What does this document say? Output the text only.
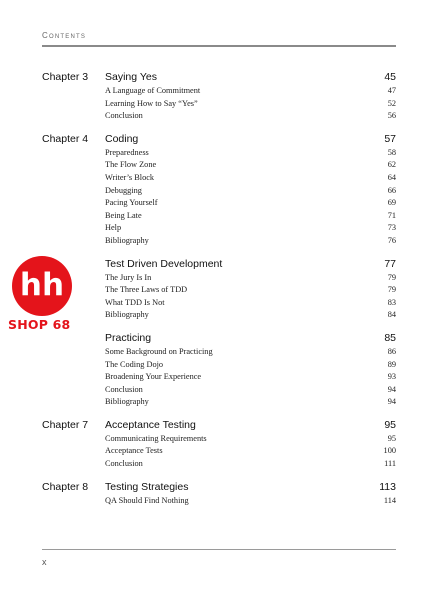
Contents
Chapter 3 Saying Yes	45
A Language of Commitment	47
Learning How to Say “Yes”	52
Conclusion	56
Chapter 4 Coding	57
Preparedness	58
The Flow Zone	62
Writer’s Block	64
Debugging	66
Pacing Yourself	69
Being Late	71
Help	73
Bibliography	76
Test Driven Development	77
The Jury Is In	79
The Three Laws of TDD	79
What TDD Is Not	83
Bibliography	84
Practicing	85
Some Background on Practicing	86
The Coding Dojo	89
Broadening Your Experience	93
Conclusion	94
Bibliography	94
Chapter 7 Acceptance Testing	95
Communicating Requirements	95
Acceptance Tests	100
Conclusion	111
Chapter 8 Testing Strategies	113
QA Should Find Nothing	114
x
hh
SHOP 68
